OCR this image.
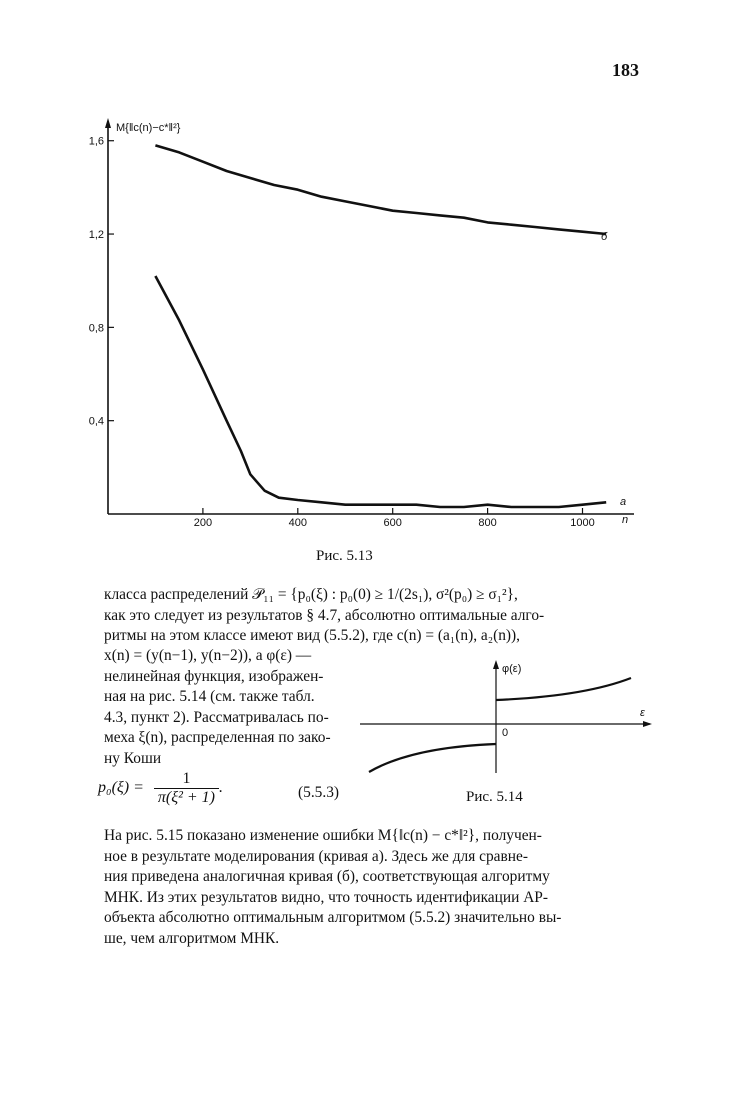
183
M{‖c(n)−c*‖²}
n
1,6
1,2
0,8
0,4
200	400	600	800	1000
б
а
Рис. 5.13
класса распределений 𝒫₁₁ = {p₀(ξ) : p₀(0) ≥ 1/(2s₁), σ²(p₀) ≥ σ₁²},
как это следует из результатов § 4.7, абсолютно оптимальные алго-
ритмы на этом классе имеют вид (5.5.2), где c(n) = (a₁(n), a₂(n)),
x(n) = (y(n−1), y(n−2)), а φ(ε) —
нелинейная функция, изображен-
ная на рис. 5.14 (см. также табл.
4.3, пункт 2). Рассматривалась по-
меха ξ(n), распределенная по зако-
ну Коши
φ(ε)
ε
0
$p_0(\xi) = \frac{1}{\text{π(ξ² + 1)}}$ .	(5.5.3)	Рис. 5.14
На рис. 5.15 показано изменение ошибки M{‖c(n) − c*‖²}, получен-
ное в результате моделирования (кривая а). Здесь же для сравне-
ния приведена аналогичная кривая (б), соответствующая алгоритму
МНК. Из этих результатов видно, что точность идентификации АР-
объекта абсолютно оптимальным алгоритмом (5.5.2) значительно вы-
ше, чем алгоритмом МНК.
